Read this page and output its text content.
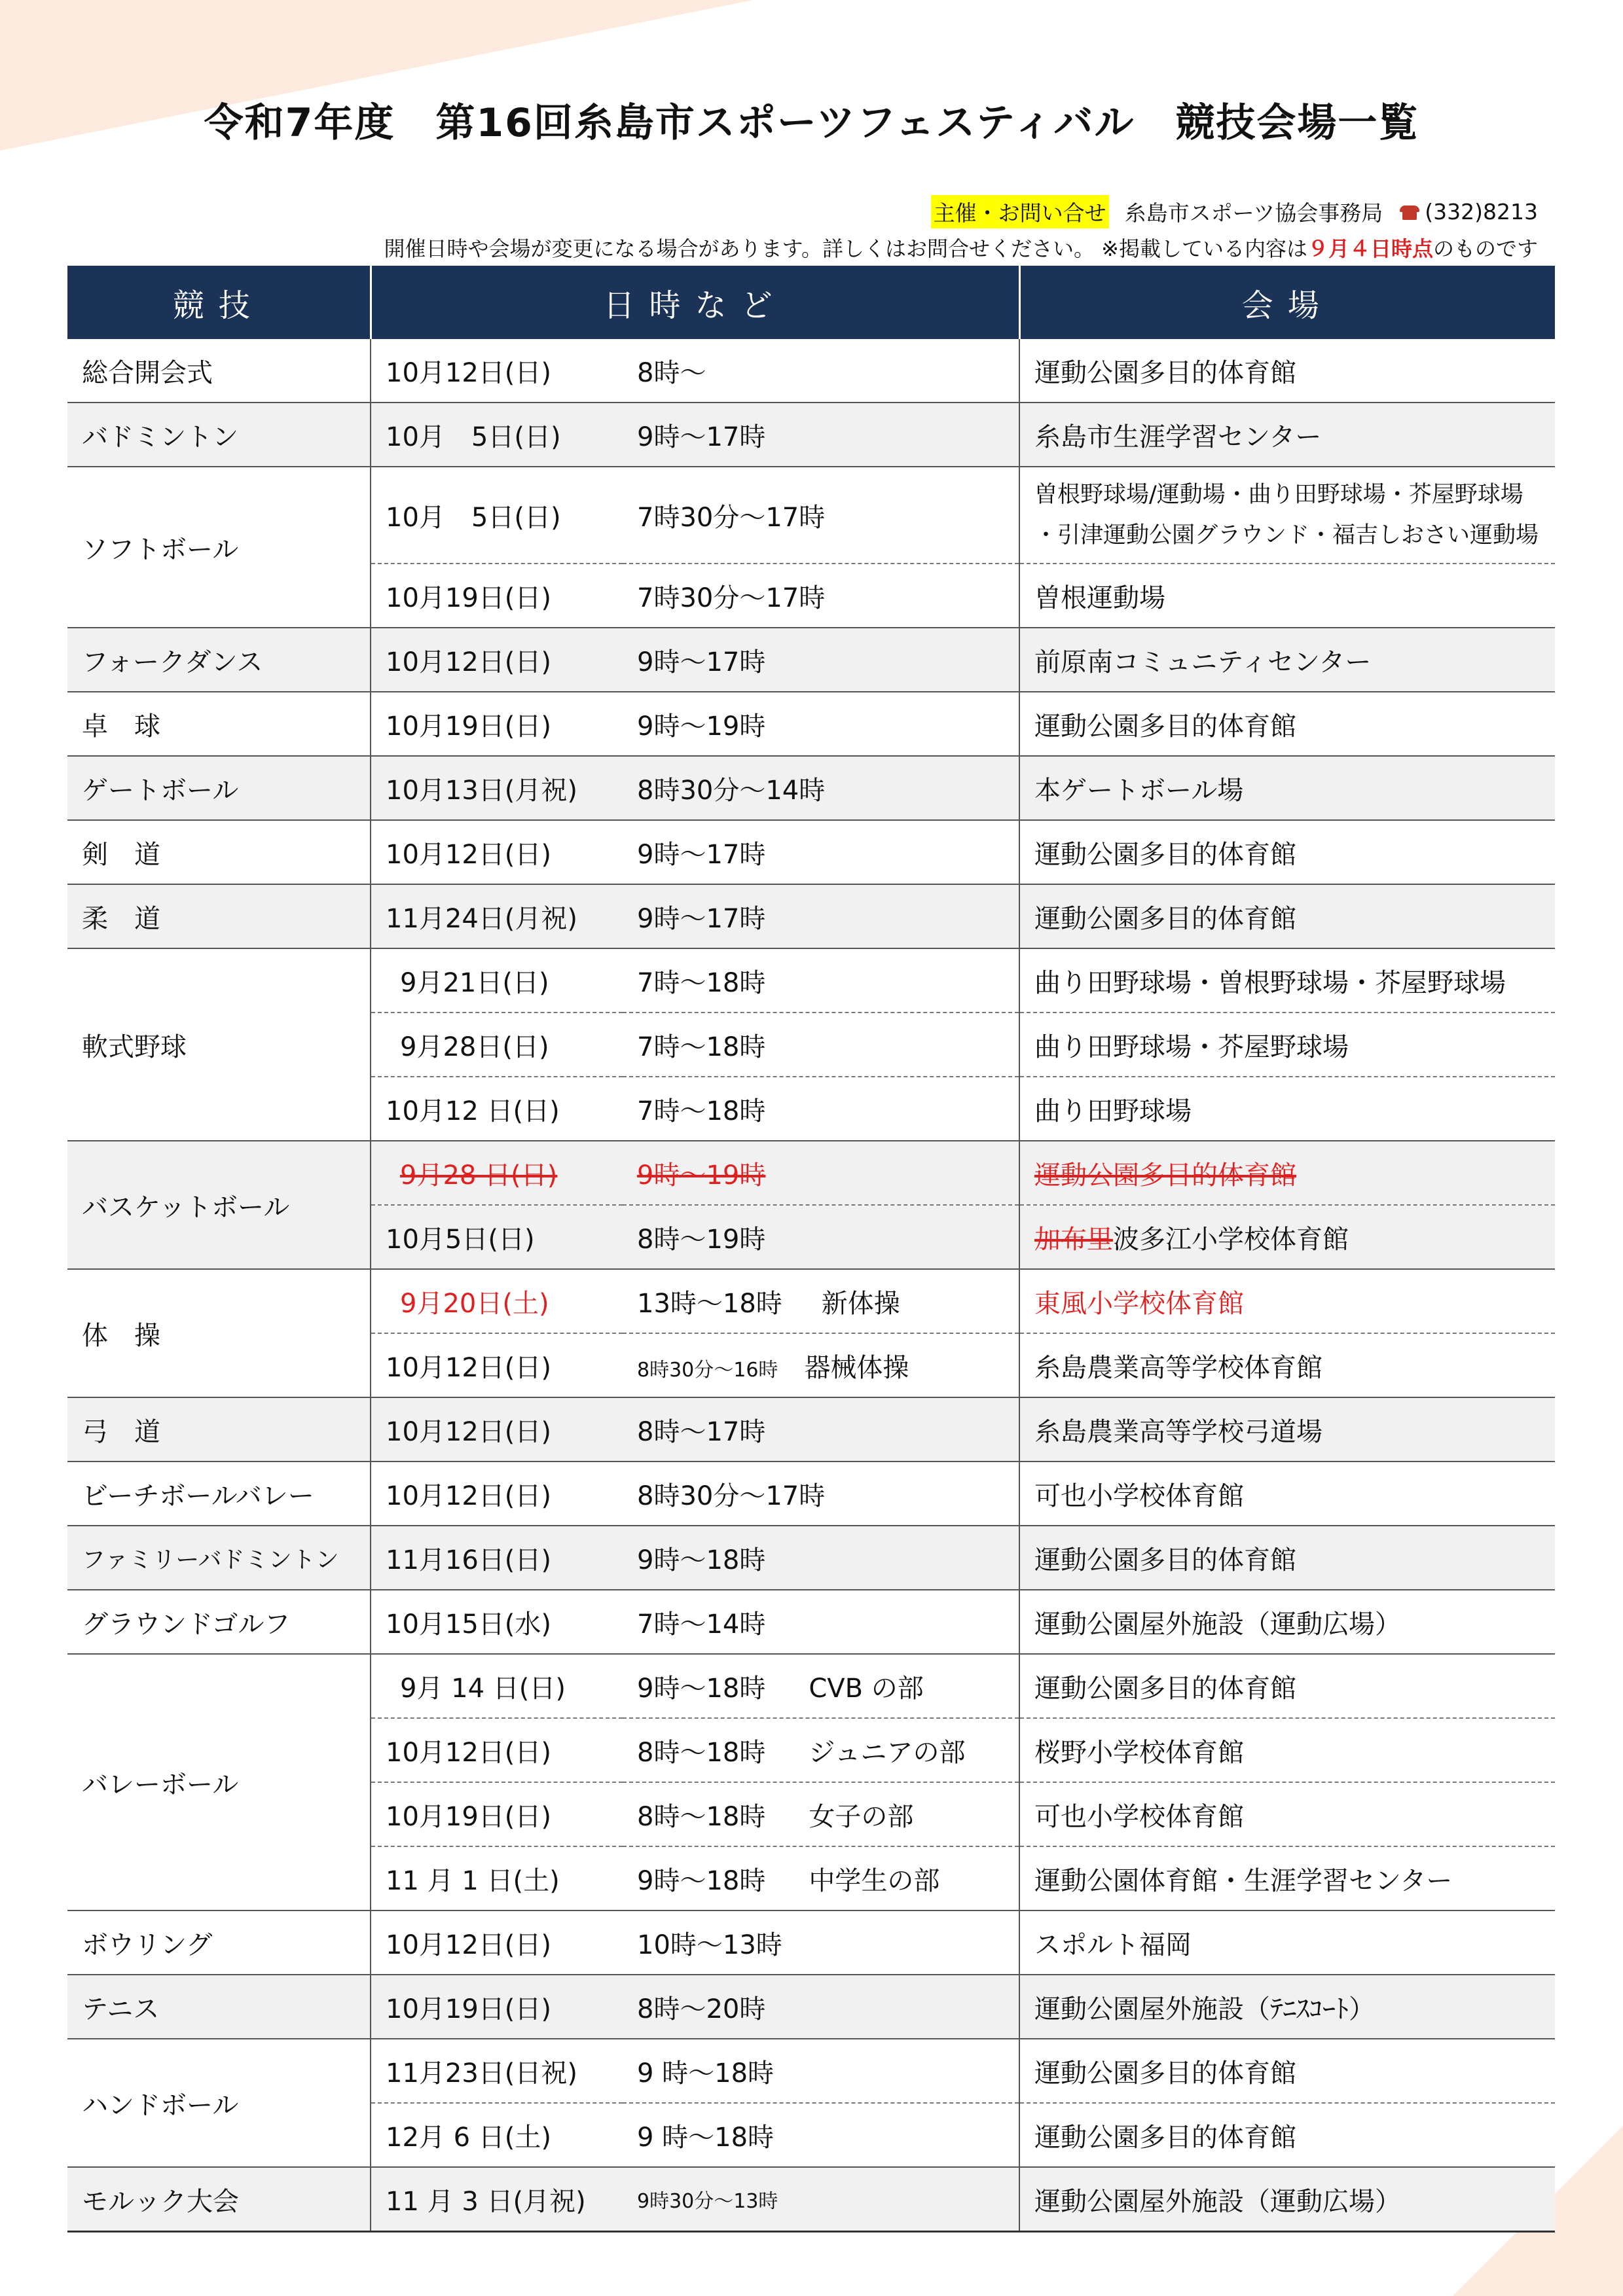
令和7年度　第16回糸島市スポーツフェスティバル　競技会場一覧
主催・お問い合せ 糸島市スポーツ協会事務局 (332)8213
開催日時や会場が変更になる場合があります。詳しくはお問合せください。 ※掲載している内容は９月４日時点のものです
競技	日時など		会場
総合開会式	10月12日(日)	8時～	運動公園多目的体育館
バドミントン	10月　5日(日)	9時～17時	糸島市生涯学習センター
ソフトボール	10月　5日(日)	7時30分～17時	曽根野球場/運動場・曲り田野球場・芥屋野球場
・引津運動公園グラウンド・福吉しおさい運動場

	10月19日(日)	7時30分～17時	曽根運動場
フォークダンス	10月12日(日)	9時～17時	前原南コミュニティセンター
卓　球	10月19日(日)	9時～19時	運動公園多目的体育館
ゲートボール	10月13日(月祝)	8時30分～14時	本ゲートボール場
剣　道	10月12日(日)	9時～17時	運動公園多目的体育館
柔　道	11月24日(月祝)	9時～17時	運動公園多目的体育館
軟式野球	9月21日(日)	7時～18時	曲り田野球場・曽根野球場・芥屋野球場
	9月28日(日)	7時～18時	曲り田野球場・芥屋野球場
	10月12 日(日)	7時～18時	曲り田野球場
バスケットボール	9月28 日(日)	9時～19時	運動公園多目的体育館
	10月5日(日)	8時～19時	加布里波多江小学校体育館
体　操	9月20日(土)	13時～18時 新体操	東風小学校体育館
	10月12日(日)	8時30分～16時 器械体操	糸島農業高等学校体育館
弓　道	10月12日(日)	8時～17時	糸島農業高等学校弓道場
ビーチボールバレー	10月12日(日)	8時30分～17時	可也小学校体育館
ファミリーバドミントン	11月16日(日)	9時～18時	運動公園多目的体育館
グラウンドゴルフ	10月15日(水)	7時～14時	運動公園屋外施設（運動広場）
バレーボール	9月 14 日(日)	9時～18時 CVB の部	運動公園多目的体育館
	10月12日(日)	8時～18時 ジュニアの部	桜野小学校体育館
	10月19日(日)	8時～18時 女子の部	可也小学校体育館
	11 月 1 日(土)	9時～18時 中学生の部	運動公園体育館・生涯学習センター
ボウリング	10月12日(日)	10時～13時	スポルト福岡
テニス	10月19日(日)	8時～20時	運動公園屋外施設（ﾃﾆｽｺｰﾄ）
ハンドボール	11月23日(日祝)	9 時～18時	運動公園多目的体育館
	12月 6 日(土)	9 時～18時	運動公園多目的体育館
モルック大会	11 月 3 日(月祝)	9時30分～13時	運動公園屋外施設（運動広場）
